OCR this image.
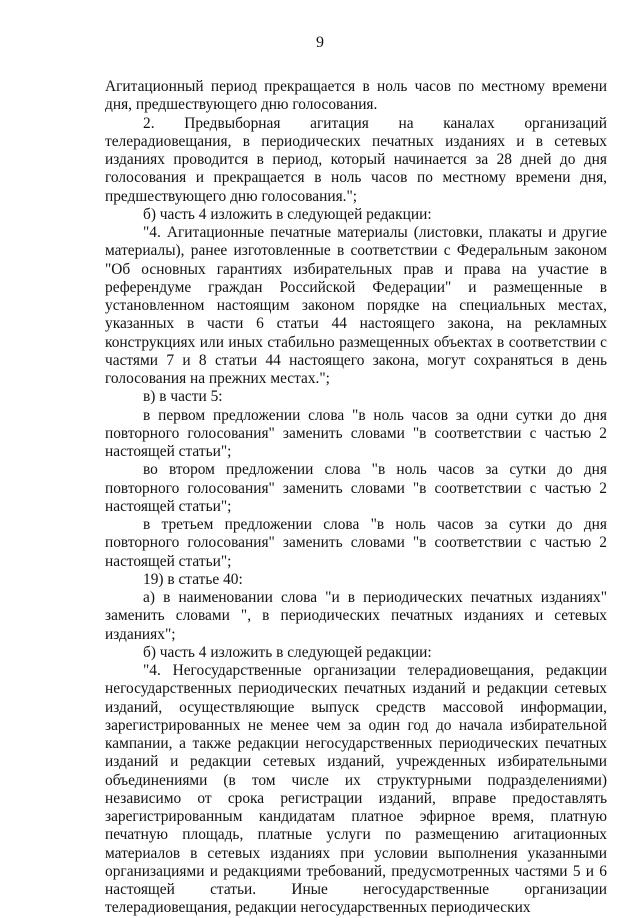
9

Агитационный период прекращается в ноль часов по местному времени дня, предшествующего дню голосования.

2. Предвыборная агитация на каналах организаций телерадиовещания, в периодических печатных изданиях и в сетевых изданиях проводится в период, который начинается за 28 дней до дня голосования и прекращается в ноль часов по местному времени дня, предшествующего дню голосования.";

б) часть 4 изложить в следующей редакции:

"4. Агитационные печатные материалы (листовки, плакаты и другие материалы), ранее изготовленные в соответствии с Федеральным законом "Об основных гарантиях избирательных прав и права на участие в референдуме граждан Российской Федерации" и размещенные в установленном настоящим законом порядке на специальных местах, указанных в части 6 статьи 44 настоящего закона, на рекламных конструкциях или иных стабильно размещенных объектах в соответствии с частями 7 и 8 статьи 44 настоящего закона, могут сохраняться в день голосования на прежних местах.";

в) в части 5:

в первом предложении слова "в ноль часов за одни сутки до дня повторного голосования" заменить словами "в соответствии с частью 2 настоящей статьи";

во втором предложении слова "в ноль часов за сутки до дня повторного голосования" заменить словами "в соответствии с частью 2 настоящей статьи";

в третьем предложении слова "в ноль часов за сутки до дня повторного голосования" заменить словами "в соответствии с частью 2 настоящей статьи";

19) в статье 40:

а) в наименовании слова "и в периодических печатных изданиях" заменить словами ", в периодических печатных изданиях и сетевых изданиях";

б) часть 4 изложить в следующей редакции:

"4. Негосударственные организации телерадиовещания, редакции негосударственных периодических печатных изданий и редакции сетевых изданий, осуществляющие выпуск средств массовой информации, зарегистрированных не менее чем за один год до начала избирательной кампании, а также редакции негосударственных периодических печатных изданий и редакции сетевых изданий, учрежденных избирательными объединениями (в том числе их структурными подразделениями) независимо от срока регистрации изданий, вправе предоставлять зарегистрированным кандидатам платное эфирное время, платную печатную площадь, платные услуги по размещению агитационных материалов в сетевых изданиях при условии выполнения указанными организациями и редакциями требований, предусмотренных частями 5 и 6 настоящей статьи. Иные негосударственные организации телерадиовещания, редакции негосударственных периодических
